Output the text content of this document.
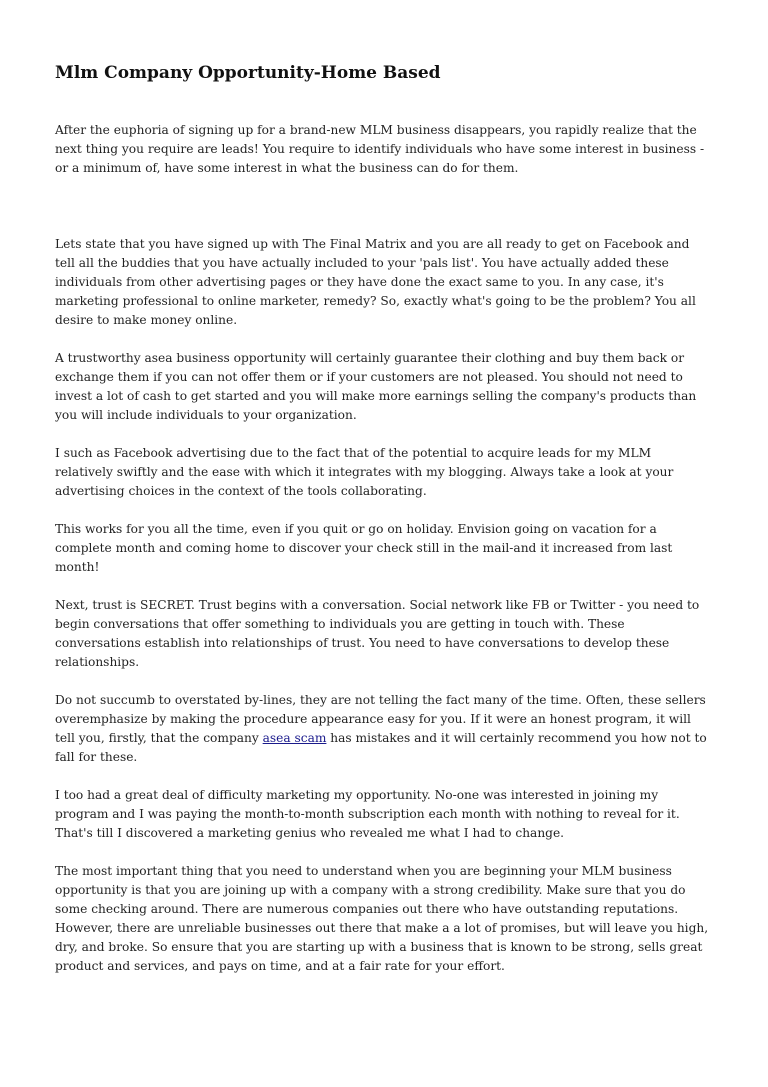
Mlm Company Opportunity-Home Based

After the euphoria of signing up for a brand-new MLM business disappears, you rapidly realize that the next thing you require are leads! You require to identify individuals who have some interest in business - or a minimum of, have some interest in what the business can do for them.

Lets state that you have signed up with The Final Matrix and you are all ready to get on Facebook and tell all the buddies that you have actually included to your 'pals list'. You have actually added these individuals from other advertising pages or they have done the exact same to you. In any case, it's marketing professional to online marketer, remedy? So, exactly what's going to be the problem? You all desire to make money online.

A trustworthy asea business opportunity will certainly guarantee their clothing and buy them back or exchange them if you can not offer them or if your customers are not pleased. You should not need to invest a lot of cash to get started and you will make more earnings selling the company's products than you will include individuals to your organization.

I such as Facebook advertising due to the fact that of the potential to acquire leads for my MLM relatively swiftly and the ease with which it integrates with my blogging. Always take a look at your advertising choices in the context of the tools collaborating.

This works for you all the time, even if you quit or go on holiday. Envision going on vacation for a complete month and coming home to discover your check still in the mail-and it increased from last month!

Next, trust is SECRET. Trust begins with a conversation. Social network like FB or Twitter - you need to begin conversations that offer something to individuals you are getting in touch with. These conversations establish into relationships of trust. You need to have conversations to develop these relationships.

Do not succumb to overstated by-lines, they are not telling the fact many of the time. Often, these sellers overemphasize by making the procedure appearance easy for you. If it were an honest program, it will tell you, firstly, that the company asea scam has mistakes and it will certainly recommend you how not to fall for these.

I too had a great deal of difficulty marketing my opportunity. No-one was interested in joining my program and I was paying the month-to-month subscription each month with nothing to reveal for it. That's till I discovered a marketing genius who revealed me what I had to change.

The most important thing that you need to understand when you are beginning your MLM business opportunity is that you are joining up with a company with a strong credibility. Make sure that you do some checking around. There are numerous companies out there who have outstanding reputations. However, there are unreliable businesses out there that make a a lot of promises, but will leave you high, dry, and broke. So ensure that you are starting up with a business that is known to be strong, sells great product and services, and pays on time, and at a fair rate for your effort.
